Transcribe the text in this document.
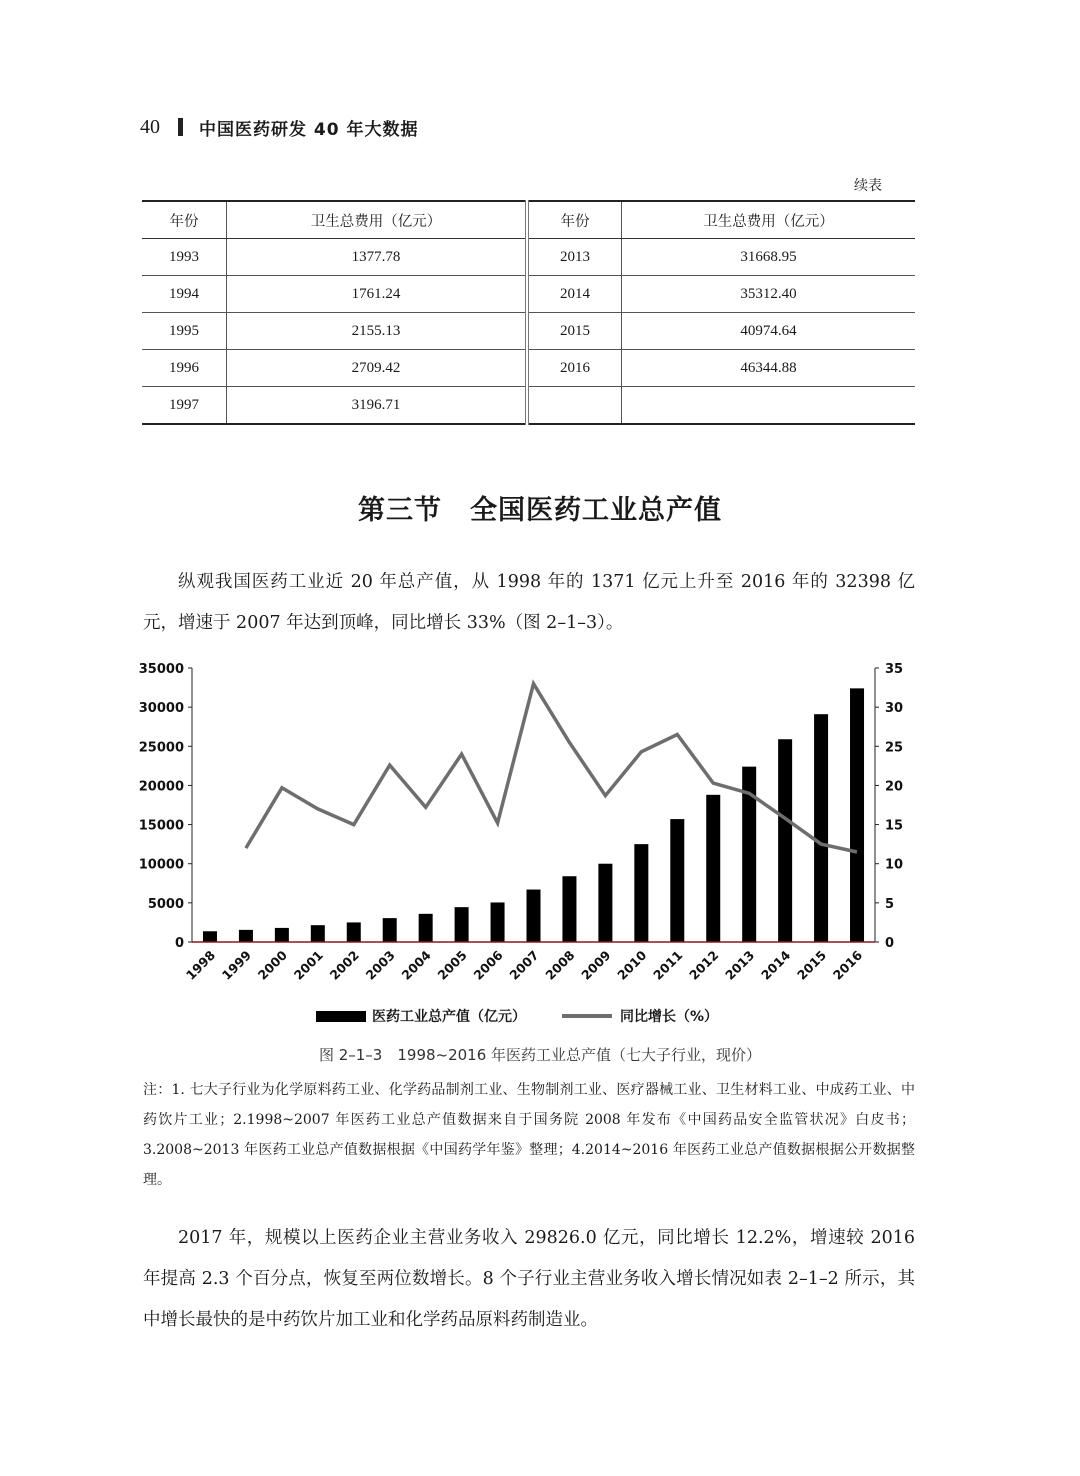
40 中国医药研发 40 年大数据
续表
年份	卫生总费用（亿元）	年份	卫生总费用（亿元）
1993	1377.78	2013	31668.95
1994	1761.24	2014	35312.40
1995	2155.13	2015	40974.64
1996	2709.42	2016	46344.88
1997	3196.71		
第三节　全国医药工业总产值

纵观我国医药工业近 20 年总产值，从 1998 年的 1371 亿元上升至 2016 年的 32398 亿元，增速于 2007 年达到顶峰，同比增长 33%（图 2–1–3）。

0
5000
10000
15000
20000
25000
30000
35000
0
5
10
15
20
25
30
35
1998 1999 2000 2001 2002 2003 2004 2005 2006 2007 2008 2009 2010 2011 2012 2013 2014 2015 2016
医药工业总产值（亿元）	同比增长（%）
图 2–1–3　1998~2016 年医药工业总产值（七大子行业，现价）

注：1. 七大子行业为化学原料药工业、化学药品制剂工业、生物制剂工业、医疗器械工业、卫生材料工业、中成药工业、中药饮片工业；2.1998~2007 年医药工业总产值数据来自于国务院 2008 年发布《中国药品安全监管状况》白皮书；3.2008~2013 年医药工业总产值数据根据《中国药学年鉴》整理；4.2014~2016 年医药工业总产值数据根据公开数据整理。

2017 年，规模以上医药企业主营业务收入 29826.0 亿元，同比增长 12.2%，增速较 2016 年提高 2.3 个百分点，恢复至两位数增长。8 个子行业主营业务收入增长情况如表 2–1–2 所示，其中增长最快的是中药饮片加工业和化学药品原料药制造业。
